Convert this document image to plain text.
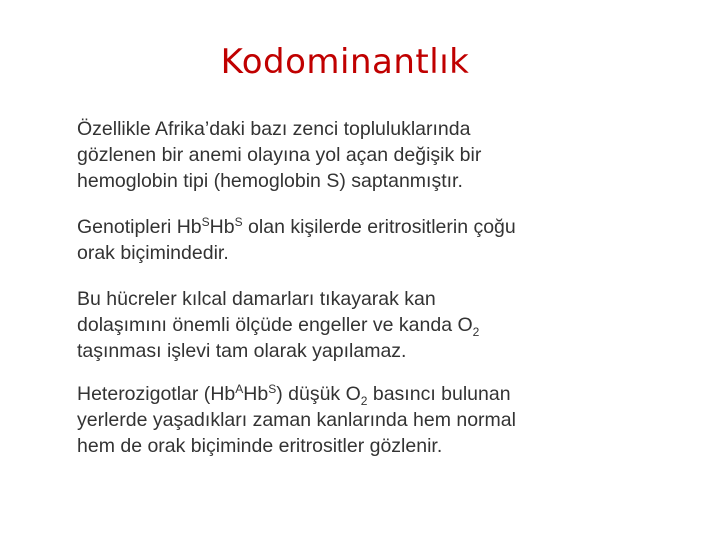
Kodominantlık

Özellikle Afrika’daki bazı zenci topluluklarında
gözlenen bir anemi olayına yol açan değişik bir
hemoglobin tipi (hemoglobin S) saptanmıştır.

Genotipleri $Hb^SHb^S$ olan kişilerde eritrositlerin çoğu
orak biçimindedir.

Bu hücreler kılcal damarları tıkayarak kan
dolaşımını önemli ölçüde engeller ve kanda $O_2$
taşınması işlevi tam olarak yapılamaz.

Heterozigotlar $(Hb^AHb^S)$ düşük $O_2$ basıncı bulunan
yerlerde yaşadıkları zaman kanlarında hem normal
hem de orak biçiminde eritrositler gözlenir.
